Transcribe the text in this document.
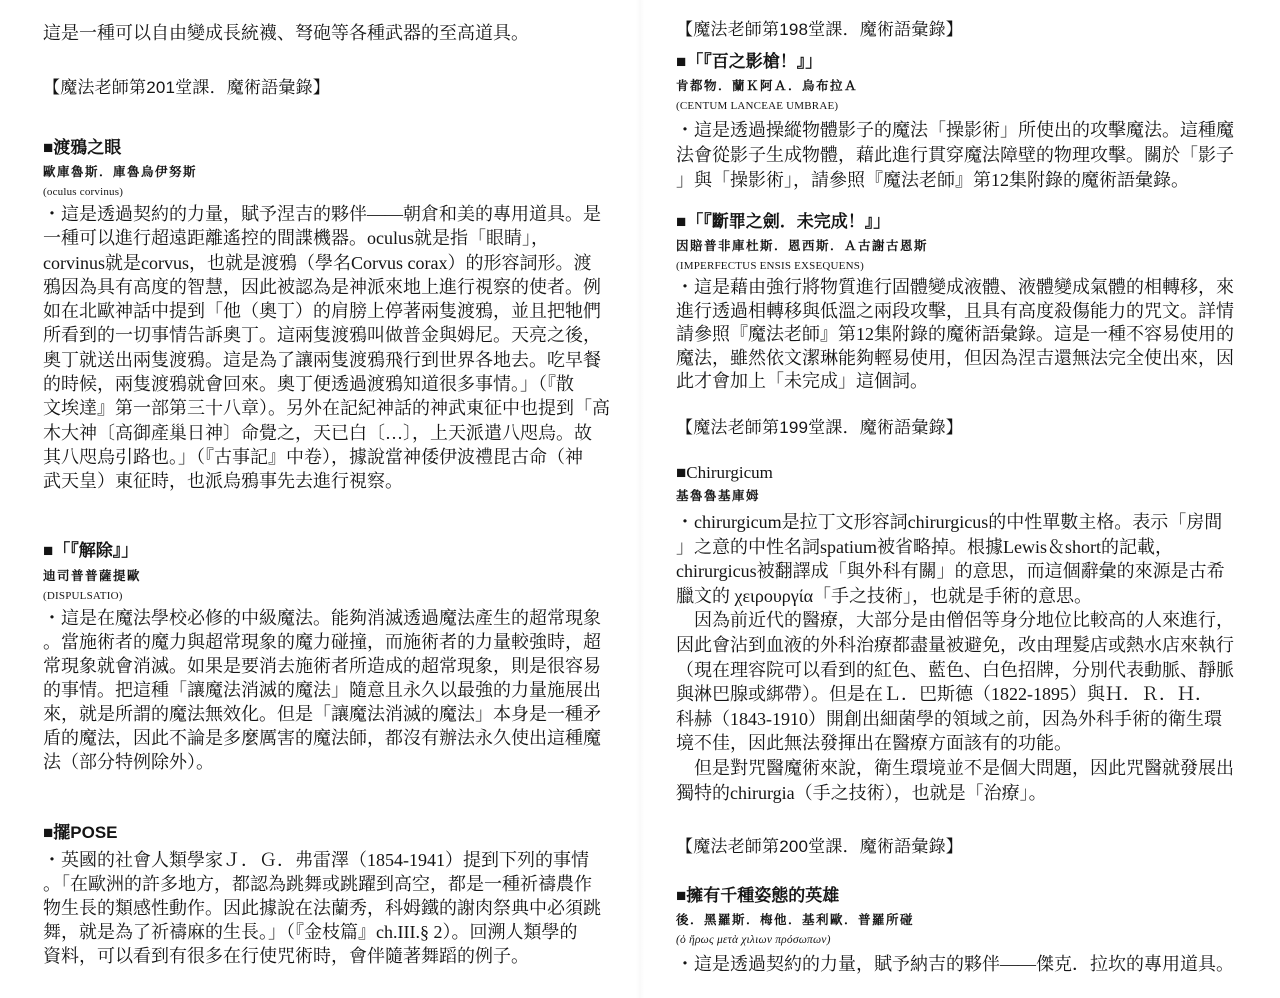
這是一種可以自由變成長統襪、弩砲等各種武器的至高道具。
【魔法老師第201堂課．魔術語彙錄】
■渡鴉之眼
歐庫魯斯．庫魯烏伊努斯
(oculus corvinus)
・這是透過契約的力量，賦予涅吉的夥伴——朝倉和美的專用道具。是
一種可以進行超遠距離遙控的間諜機器。oculus就是指「眼睛」，
corvinus就是corvus，也就是渡鴉（學名Corvus corax）的形容詞形。渡
鴉因為具有高度的智慧，因此被認為是神派來地上進行視察的使者。例
如在北歐神話中提到「他（奧丁）的肩膀上停著兩隻渡鴉，並且把牠們
所看到的一切事情告訴奧丁。這兩隻渡鴉叫做普金與姆尼。天亮之後，
奧丁就送出兩隻渡鴉。這是為了讓兩隻渡鴉飛行到世界各地去。吃早餐
的時候，兩隻渡鴉就會回來。奧丁便透過渡鴉知道很多事情。」（『散
文埃達』第一部第三十八章）。另外在記紀神話的神武東征中也提到「高
木大神〔高御產巢日神〕命覺之，天已白〔…〕，上天派遣八咫烏。故
其八咫烏引路也。」（『古事記』中卷），據說當神倭伊波禮毘古命（神
武天皇）東征時，也派烏鴉事先去進行視察。
■「『解除』」
迪司普普薩提歐
(DISPULSATIO)
・這是在魔法學校必修的中級魔法。能夠消滅透過魔法產生的超常現象
。當施術者的魔力與超常現象的魔力碰撞，而施術者的力量較強時，超
常現象就會消滅。如果是要消去施術者所造成的超常現象，則是很容易
的事情。把這種「讓魔法消滅的魔法」隨意且永久以最強的力量施展出
來，就是所謂的魔法無效化。但是「讓魔法消滅的魔法」本身是一種矛
盾的魔法，因此不論是多麼厲害的魔法師，都沒有辦法永久使出這種魔
法（部分特例除外）。
■擺POSE
・英國的社會人類學家Ｊ．Ｇ．弗雷澤（1854-1941）提到下列的事情
。「在歐洲的許多地方，都認為跳舞或跳躍到高空，都是一種祈禱農作
物生長的類感性動作。因此據說在法蘭秀，科姆鐵的謝肉祭典中必須跳
舞，就是為了祈禱麻的生長。」（『金枝篇』ch.III.§ 2）。回溯人類學的
資料，可以看到有很多在行使咒術時，會伴隨著舞蹈的例子。
【魔法老師第198堂課．魔術語彙錄】
■「『百之影槍！』」
肯都物．蘭Ｋ阿Ａ．烏布拉Ａ
(CENTUM LANCEAE UMBRAE)
・這是透過操縱物體影子的魔法「操影術」所使出的攻擊魔法。這種魔
法會從影子生成物體，藉此進行貫穿魔法障壁的物理攻擊。關於「影子
」與「操影術」，請參照『魔法老師』第12集附錄的魔術語彙錄。
■「『斷罪之劍．未完成！』」
因賠普非庫杜斯．恩西斯．Ａ古謝古恩斯
(IMPERFECTUS ENSIS EXSEQUENS)
・這是藉由強行將物質進行固體變成液體、液體變成氣體的相轉移，來
進行透過相轉移與低溫之兩段攻擊，且具有高度殺傷能力的咒文。詳情
請參照『魔法老師』第12集附錄的魔術語彙錄。這是一種不容易使用的
魔法，雖然依文潔琳能夠輕易使用，但因為涅吉還無法完全使出來，因
此才會加上「未完成」這個詞。
【魔法老師第199堂課．魔術語彙錄】
■Chirurgicum
基魯魯基庫姆
・chirurgicum是拉丁文形容詞chirurgicus的中性單數主格。表示「房間
」之意的中性名詞spatium被省略掉。根據Lewis＆short的記載，
chirurgicus被翻譯成「與外科有關」的意思，而這個辭彙的來源是古希
臘文的 χειρουργία「手之技術」，也就是手術的意思。
因為前近代的醫療，大部分是由僧侶等身分地位比較高的人來進行，
因此會沾到血液的外科治療都盡量被避免，改由理髮店或熱水店來執行
（現在理容院可以看到的紅色、藍色、白色招牌，分別代表動脈、靜脈
與淋巴腺或綁帶）。但是在Ｌ．巴斯德（1822-1895）與Ｈ．Ｒ．Ｈ．
科赫（1843-1910）開創出細菌學的領域之前，因為外科手術的衛生環
境不佳，因此無法發揮出在醫療方面該有的功能。
但是對咒醫魔術來說，衛生環境並不是個大問題，因此咒醫就發展出
獨特的chirurgia（手之技術），也就是「治療」。
【魔法老師第200堂課．魔術語彙錄】
■擁有千種姿態的英雄
後．黑羅斯．梅他．基利歐．普羅所碰
(ὁ ἥρως μετὰ χιλιων πρόσωπων)
・這是透過契約的力量，賦予納吉的夥伴——傑克．拉坎的專用道具。
